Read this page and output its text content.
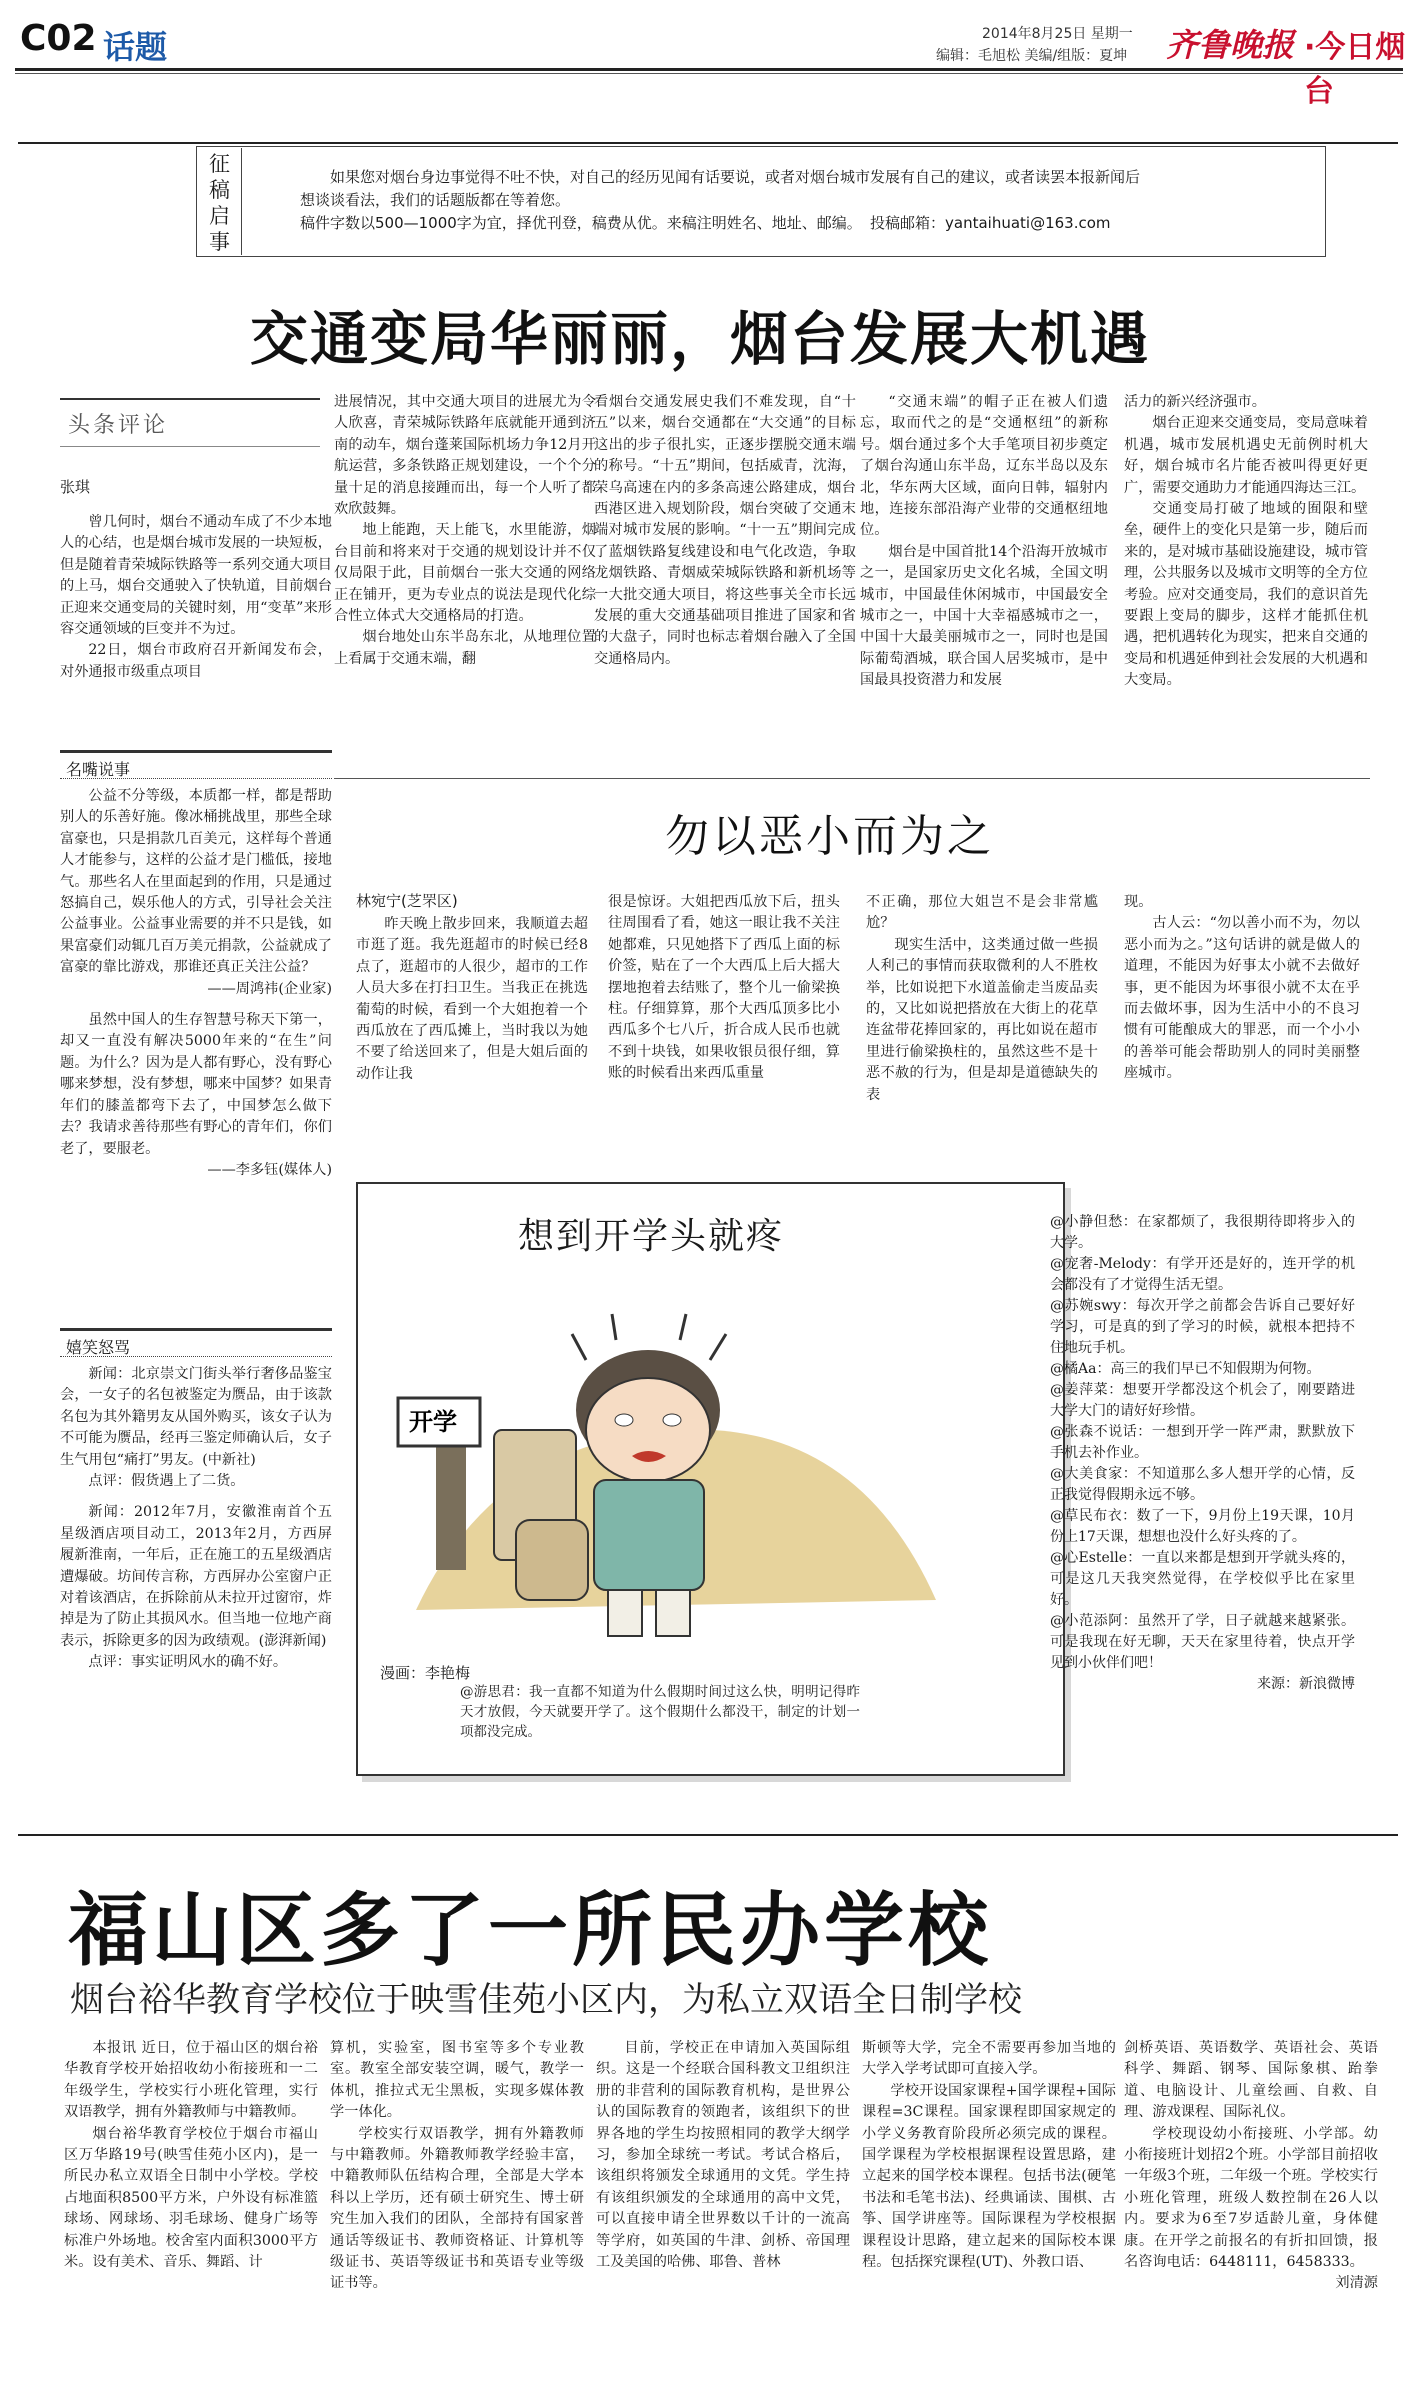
C02 话题	2014年8月25日 星期一
编辑：毛旭松 美编/组版：夏坤 齐鲁晚报 ·今日烟台
征
稿
启
事
如果您对烟台身边事觉得不吐不快，对自己的经历见闻有话要说，或者对烟台城市发展有自己的建议，或者读罢本报新闻后
想谈谈看法，我们的话题版都在等着您。
稿件字数以500—1000字为宜，择优刊登，稿费从优。来稿注明姓名、地址、邮编。 投稿邮箱：yantaihuati@163.com
交通变局华丽丽，烟台发展大机遇
头条评论
张琪

曾几何时，烟台不通动车成了不少本地人的心结，也是烟台城市发展的一块短板，但是随着青荣城际铁路等一系列交通大项目的上马，烟台交通驶入了快轨道，目前烟台正迎来交通变局的关键时刻，用“变革”来形容交通领域的巨变并不为过。

22日，烟台市政府召开新闻发布会，对外通报市级重点项目

进展情况，其中交通大项目的进展尤为令人欣喜，青荣城际铁路年底就能开通到济南的动车，烟台蓬莱国际机场力争12月开航运营，多条铁路正规划建设，一个个分量十足的消息接踵而出，每一个人听了都欢欣鼓舞。

地上能跑，天上能飞，水里能游，烟台目前和将来对于交通的规划设计并不仅仅局限于此，目前烟台一张大交通的网络正在铺开，更为专业点的说法是现代化综合性立体式大交通格局的打造。

烟台地处山东半岛东北，从地理位置上看属于交通末端，翻

看烟台交通发展史我们不难发现，自“十五”以来，烟台交通都在“大交通”的目标这出的步子很扎实，正逐步摆脱交通末端的称号。“十五”期间，包括威青，沈海，荣乌高速在内的多条高速公路建成，烟台西港区进入规划阶段，烟台突破了交通末端对城市发展的影响。“十一五”期间完成了蓝烟铁路复线建设和电气化改造，争取龙烟铁路、青烟威荣城际铁路和新机场等一大批交通大项目，将这些事关全市长远发展的重大交通基础项目推进了国家和省的大盘子，同时也标志着烟台融入了全国交通格局内。

“交通末端”的帽子正在被人们遗忘，取而代之的是“交通枢纽”的新称号。烟台通过多个大手笔项目初步奠定了烟台沟通山东半岛，辽东半岛以及东北，华东两大区域，面向日韩，辐射内地，连接东部沿海产业带的交通枢纽地位。

烟台是中国首批14个沿海开放城市之一，是国家历史文化名城，全国文明城市，中国最佳休闲城市，中国最安全城市之一，中国十大幸福感城市之一，中国十大最美丽城市之一，同时也是国际葡萄酒城，联合国人居奖城市，是中国最具投资潜力和发展

活力的新兴经济强市。

烟台正迎来交通变局，变局意味着机遇，城市发展机遇史无前例时机大好，烟台城市名片能否被叫得更好更广，需要交通助力才能通四海达三江。

交通变局打破了地域的囿限和壁垒，硬件上的变化只是第一步，随后而来的，是对城市基础设施建设，城市管理，公共服务以及城市文明等的全方位考验。应对交通变局，我们的意识首先要跟上变局的脚步，这样才能抓住机遇，把机遇转化为现实，把来自交通的变局和机遇延伸到社会发展的大机遇和大变局。

名嘴说事

公益不分等级，本质都一样，都是帮助别人的乐善好施。像冰桶挑战里，那些全球富豪也，只是捐款几百美元，这样每个普通人才能参与，这样的公益才是门槛低，接地气。那些名人在里面起到的作用，只是通过怒搞自己，娱乐他人的方式，引导社会关注公益事业。公益事业需要的并不只是钱，如果富豪们动辄几百万美元捐款，公益就成了富豪的靠比游戏，那谁还真正关注公益？

——周鸿祎(企业家)

虽然中国人的生存智慧号称天下第一，却又一直没有解决5000年来的“在生”问题。为什么？因为是人都有野心，没有野心哪来梦想，没有梦想，哪来中国梦？如果青年们的膝盖都弯下去了，中国梦怎么做下去？我请求善待那些有野心的青年们，你们老了，要服老。

——李多钰(媒体人)

嬉笑怒骂

新闻：北京崇文门街头举行奢侈品鉴宝会，一女子的名包被鉴定为赝品，由于该款名包为其外籍男友从国外购买，该女子认为不可能为赝品，经再三鉴定师确认后，女子生气用包“痛打”男友。(中新社)

点评：假货遇上了二货。

新闻：2012年7月，安徽淮南首个五星级酒店项目动工，2013年2月，方西屏履新淮南，一年后，正在施工的五星级酒店遭爆破。坊间传言称，方西屏办公室窗户正对着该酒店，在拆除前从未拉开过窗帘，炸掉是为了防止其损风水。但当地一位地产商表示，拆除更多的因为政绩观。(澎湃新闻)

点评：事实证明风水的确不好。

勿以恶小而为之
林宛宁(芝罘区)

昨天晚上散步回来，我顺道去超市逛了逛。我先逛超市的时候已经8点了，逛超市的人很少，超市的工作人员大多在打扫卫生。当我正在挑选葡萄的时候，看到一个大姐抱着一个西瓜放在了西瓜摊上，当时我以为她不要了给送回来了，但是大姐后面的动作让我

很是惊讶。大姐把西瓜放下后，扭头往周围看了看，她这一眼让我不关注她都难，只见她搭下了西瓜上面的标价签，贴在了一个大西瓜上后大摇大摆地抱着去结账了，整个儿一偷梁换柱。仔细算算，那个大西瓜顶多比小西瓜多个七八斤，折合成人民币也就不到十块钱，如果收银员很仔细，算账的时候看出来西瓜重量

不正确，那位大姐岂不是会非常尴尬？

现实生活中，这类通过做一些损人利己的事情而获取微利的人不胜枚举，比如说把下水道盖偷走当废品卖的，又比如说把搭放在大街上的花草连盆带花捧回家的，再比如说在超市里进行偷梁换柱的，虽然这些不是十恶不赦的行为，但是却是道德缺失的表

现。

古人云：“勿以善小而不为，勿以恶小而为之。”这句话讲的就是做人的道理，不能因为好事太小就不去做好事，更不能因为坏事很小就不太在乎而去做坏事，因为生活中小的不良习惯有可能酿成大的罪恶，而一个小小的善举可能会帮助别人的同时美丽整座城市。

想到开学头就疼
开学
漫画：李艳梅

@游思君：我一直都不知道为什么假期时间过这么快，明明记得昨天才放假，今天就要开学了。这个假期什么都没干，制定的计划一项都没完成。

@小静但愁：在家都烦了，我很期待即将步入的大学。

@宠奢-Melody：有学开还是好的，连开学的机会都没有了才觉得生活无望。

@苏婉swy：每次开学之前都会告诉自己要好好学习，可是真的到了学习的时候，就根本把持不住地玩手机。

@橘Aa：高三的我们早已不知假期为何物。

@姜萍菜：想要开学都没这个机会了，刚要踏进大学大门的请好好珍惜。

@张森不说话：一想到开学一阵严肃，默默放下手机去补作业。

@大美食家：不知道那么多人想开学的心情，反正我觉得假期永远不够。

@草民布衣：数了一下，9月份上19天课，10月份上17天课，想想也没什么好头疼的了。

@心Estelle：一直以来都是想到开学就头疼的，可是这几天我突然觉得，在学校似乎比在家里好。

@小范添阿：虽然开了学，日子就越来越紧张。可是我现在好无聊，天天在家里待着，快点开学见到小伙伴们吧！

来源：新浪微博

福山区多了一所民办学校
烟台裕华教育学校位于映雪佳苑小区内，为私立双语全日制学校

本报讯 近日，位于福山区的烟台裕华教育学校开始招收幼小衔接班和一二年级学生，学校实行小班化管理，实行双语教学，拥有外籍教师与中籍教师。

烟台裕华教育学校位于烟台市福山区万华路19号(映雪佳苑小区内)，是一所民办私立双语全日制中小学校。学校占地面积8500平方米，户外设有标准篮球场、网球场、羽毛球场、健身广场等标准户外场地。校舍室内面积3000平方米。设有美术、音乐、舞蹈、计

算机，实验室，图书室等多个专业教室。教室全部安装空调，暖气，教学一体机，推拉式无尘黑板，实现多媒体教学一体化。

学校实行双语教学，拥有外籍教师与中籍教师。外籍教师教学经验丰富，中籍教师队伍结构合理，全部是大学本科以上学历，还有硕士研究生、博士研究生加入我们的团队，全部持有国家普通话等级证书、教师资格证、计算机等级证书、英语等级证书和英语专业等级证书等。

目前，学校正在申请加入英国际组织。这是一个经联合国科教文卫组织注册的非营利的国际教育机构，是世界公认的国际教育的领跑者，该组织下的世界各地的学生均按照相同的教学大纲学习，参加全球统一考试。考试合格后，该组织将颁发全球通用的文凭。学生持有该组织颁发的全球通用的高中文凭，可以直接申请全世界数以千计的一流高等学府，如英国的牛津、剑桥、帝国理工及美国的哈佛、耶鲁、普林

斯顿等大学，完全不需要再参加当地的大学入学考试即可直接入学。

学校开设国家课程+国学课程+国际课程=3C课程。国家课程即国家规定的小学义务教育阶段所必须完成的课程。国学课程为学校根据课程设置思路，建立起来的国学校本课程。包括书法(硬笔书法和毛笔书法)、经典诵读、围棋、古筝、国学讲座等。国际课程为学校根据课程设计思路，建立起来的国际校本课程。包括探究课程(UT)、外教口语、

剑桥英语、英语数学、英语社会、英语科学、舞蹈、钢琴、国际象棋、跆拳道、电脑设计、儿童绘画、自救、自理、游戏课程、国际礼仪。

学校现设幼小衔接班、小学部。幼小衔接班计划招2个班。小学部目前招收一年级3个班，二年级一个班。学校实行小班化管理，班级人数控制在26人以内。要求为6至7岁适龄儿童，身体健康。在开学之前报名的有折扣回馈，报名咨询电话：6448111，6458333。

刘清源
